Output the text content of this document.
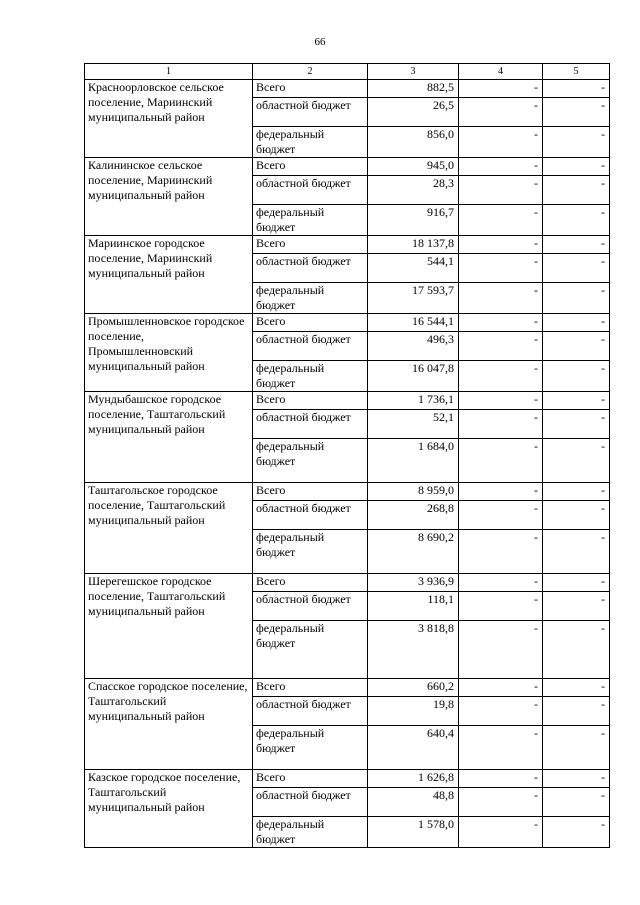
66
1	2	3	4	5
Красноорловское сельское поселение, Мариинский муниципальный район	Всего	882,5	-	-
	областной бюджет	26,5	-	-
	федеральный бюджет	856,0	-	-
Калининское сельское поселение, Мариинский муниципальный район	Всего	945,0	-	-
	областной бюджет	28,3	-	-
	федеральный бюджет	916,7	-	-
Мариинское городское поселение, Мариинский муниципальный район	Всего	18 137,8	-	-
	областной бюджет	544,1	-	-
	федеральный бюджет	17 593,7	-	-
Промышленновское городское поселение, Промышленновский муниципальный район	Всего	16 544,1	-	-
	областной бюджет	496,3	-	-
	федеральный бюджет	16 047,8	-	-
Мундыбашское городское поселение, Таштагольский муниципальный район	Всего	1 736,1	-	-
	областной бюджет	52,1	-	-
	федеральный бюджет	1 684,0	-	-
Таштагольское городское поселение, Таштагольский муниципальный район	Всего	8 959,0	-	-
	областной бюджет	268,8	-	-
	федеральный бюджет	8 690,2	-	-
Шерегешское городское поселение, Таштагольский муниципальный район	Всего	3 936,9	-	-
	областной бюджет	118,1	-	-
	федеральный бюджет	3 818,8	-	-
Спасское городское поселение, Таштагольский муниципальный район	Всего	660,2	-	-
	областной бюджет	19,8	-	-
	федеральный бюджет	640,4	-	-
Казское городское поселение, Таштагольский муниципальный район	Всего	1 626,8	-	-
	областной бюджет	48,8	-	-
	федеральный бюджет	1 578,0	-	-
